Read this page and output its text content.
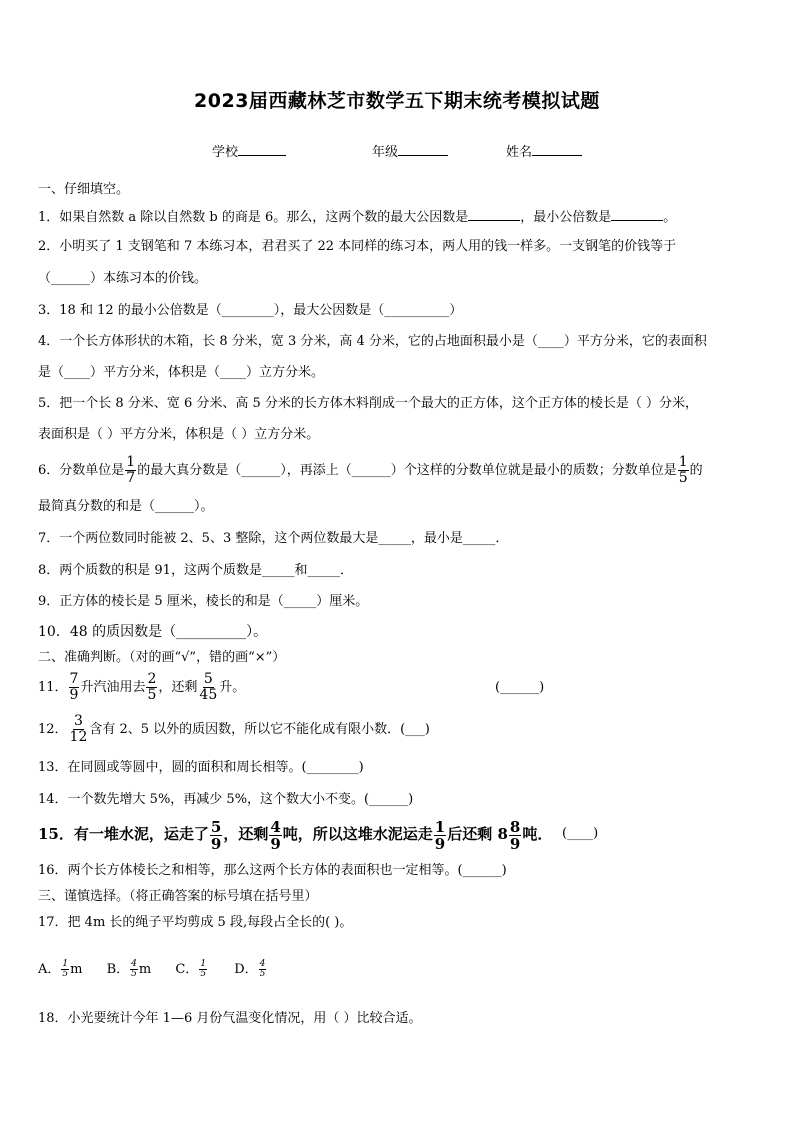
2023届西藏林芝市数学五下期末统考模拟试题
学校	年级	姓名
一、仔细填空。
1．如果自然数 a 除以自然数 b 的商是 6。那么，这两个数的最大公因数是	，最小公倍数是	。
2．小明买了 1 支钢笔和 7 本练习本，君君买了 22 本同样的练习本，两人用的钱一样多。一支钢笔的价钱等于
（______）本练习本的价钱。
3．18 和 12 的最小公倍数是（________），最大公因数是（__________）
4．一个长方体形状的木箱，长 8 分米，宽 3 分米，高 4 分米，它的占地面积最小是（____）平方分米，它的表面积
是（____）平方分米，体积是（____）立方分米。
5．把一个长 8 分米、宽 6 分米、高 5 分米的长方体木料削成一个最大的正方体，这个正方体的棱长是（ ）分米，
表面积是（ ）平方分米，体积是（ ）立方分米。
6．分数单位是 $\frac{1}{7}$ 的最大真分数是（______），再添上（______）个这样的分数单位就是最小的质数；分数单位是 $\frac{1}{5}$ 的
最简真分数的和是（______）。
7．一个两位数同时能被 2、5、3 整除，这个两位数最大是_____，最小是_____．
8．两个质数的积是 91，这两个质数是_____和_____．
9．正方体的棱长是 5 厘米，棱长的和是（_____）厘米。
10．48 的质因数是（__________）。
二、准确判断。（对的画“√”，错的画“×”）
11． $\frac{7}{9}$ 升汽油用去 $\frac{2}{5}$ ，还剩 $\frac{5}{45}$ 升。	(______)
12． $\frac{3}{12}$ 含有 2、5 以外的质因数，所以它不能化成有限小数．(___)
13．在同圆或等圆中，圆的面积和周长相等。(________)
14．一个数先增大 5%，再减少 5%，这个数大小不变。(______)
15．有一堆水泥，运走了 $\frac{5}{9}$ ，还剩 $\frac{4}{9}$ 吨，所以这堆水泥运走 $\frac{1}{9}$ 后还剩 $8 \frac{8}{9}$ 吨． (____)
16．两个长方体棱长之和相等，那么这两个长方体的表面积也一定相等。(______)
三、谨慎选择。（将正确答案的标号填在括号里）
17．把 4m 长的绳子平均剪成 5 段,每段占全长的( )。
A． $\frac{1}{5}$ m B． $\frac{4}{5}$ m C． $\frac{1}{5}$ D． $\frac{4}{5}$
18．小光要统计今年 1—6 月份气温变化情况，用（ ）比较合适。
